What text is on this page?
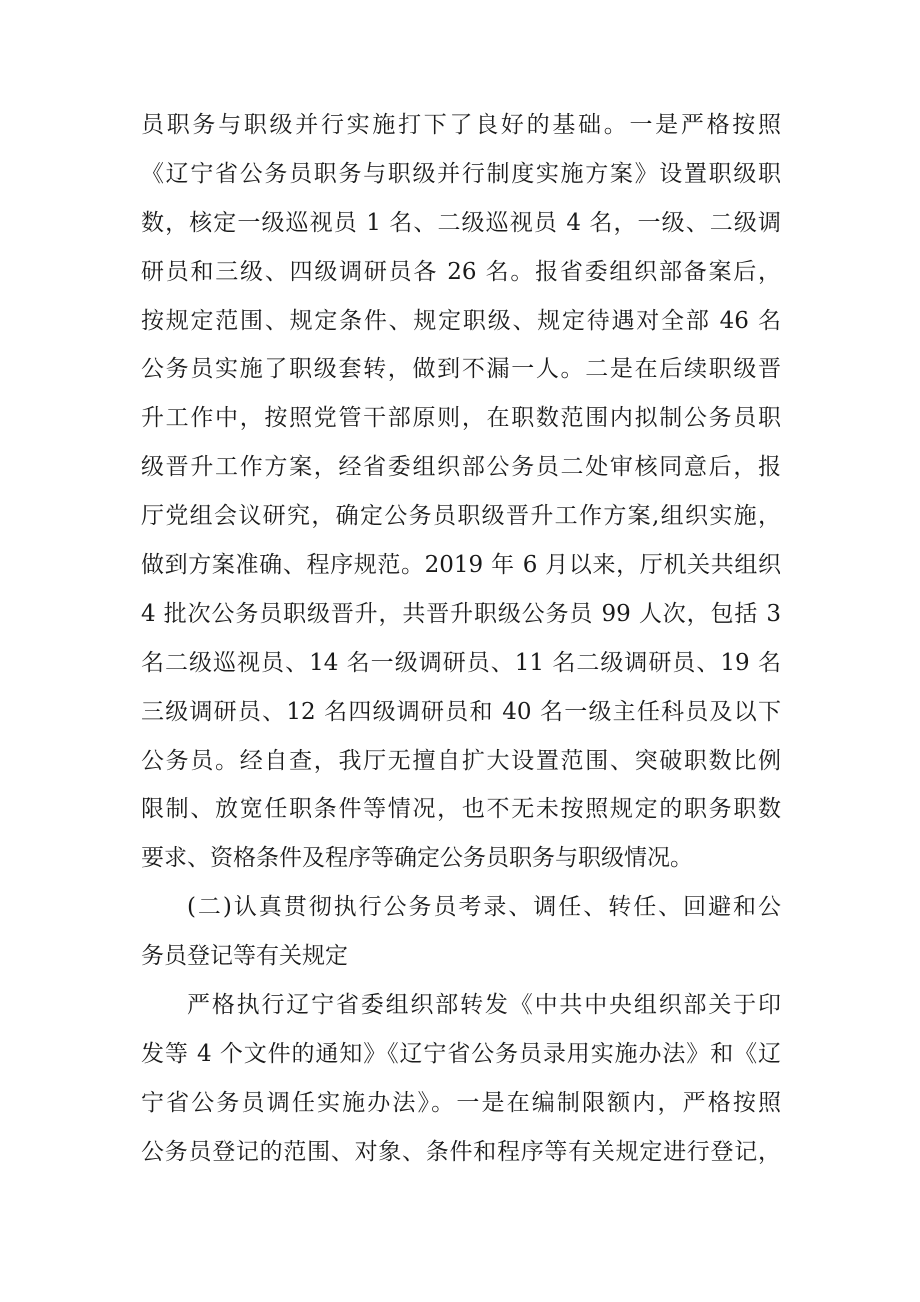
员职务与职级并行实施打下了良好的基础。一是严格按照
《辽宁省公务员职务与职级并行制度实施方案》设置职级职
数，核定一级巡视员 1 名、二级巡视员 4 名，一级、二级调
研员和三级、四级调研员各 26 名。报省委组织部备案后，
按规定范围、规定条件、规定职级、规定待遇对全部 46 名
公务员实施了职级套转，做到不漏一人。二是在后续职级晋
升工作中，按照党管干部原则，在职数范围内拟制公务员职
级晋升工作方案，经省委组织部公务员二处审核同意后，报
厅党组会议研究，确定公务员职级晋升工作方案,组织实施，
做到方案准确、程序规范。2019 年 6 月以来，厅机关共组织
4 批次公务员职级晋升，共晋升职级公务员 99 人次，包括 3
名二级巡视员、14 名一级调研员、11 名二级调研员、19 名
三级调研员、12 名四级调研员和 40 名一级主任科员及以下
公务员。经自查，我厅无擅自扩大设置范围、突破职数比例
限制、放宽任职条件等情况，也不无未按照规定的职务职数
要求、资格条件及程序等确定公务员职务与职级情况。
(二)认真贯彻执行公务员考录、调任、转任、回避和公
务员登记等有关规定
严格执行辽宁省委组织部转发《中共中央组织部关于印
发等 4 个文件的通知》《辽宁省公务员录用实施办法》和《辽
宁省公务员调任实施办法》。一是在编制限额内，严格按照
公务员登记的范围、对象、条件和程序等有关规定进行登记，
